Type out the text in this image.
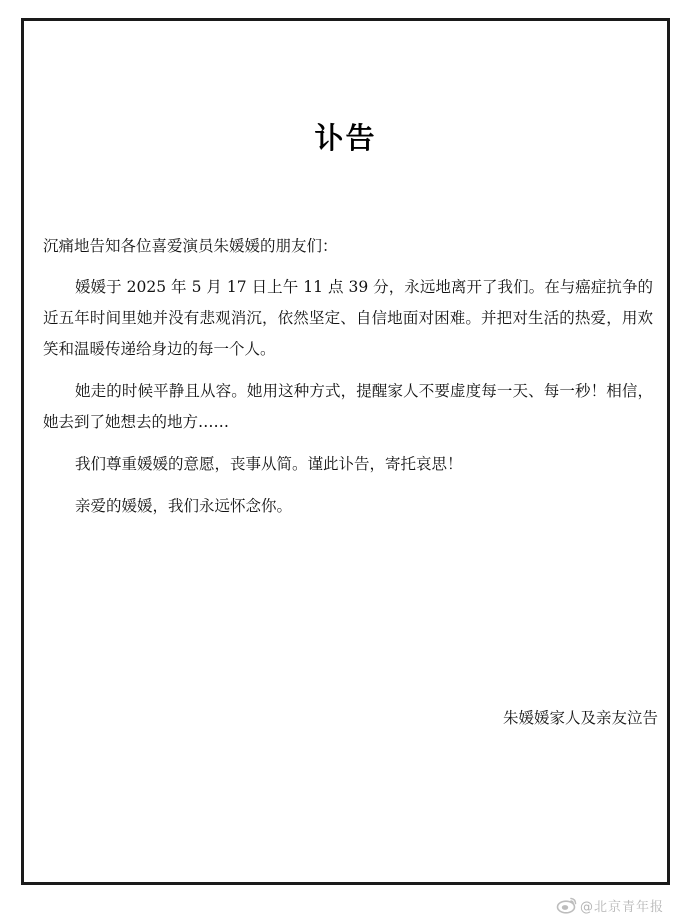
讣告

沉痛地告知各位喜爱演员朱媛媛的朋友们：

媛媛于 2025 年 5 月 17 日上午 11 点 39 分，永远地离开了我们。在与癌症抗争的近五年时间里她并没有悲观消沉，依然坚定、自信地面对困难。并把对生活的热爱，用欢笑和温暖传递给身边的每一个人。

她走的时候平静且从容。她用这种方式，提醒家人不要虚度每一天、每一秒！相信，她去到了她想去的地方……

我们尊重媛媛的意愿，丧事从简。谨此讣告，寄托哀思！

亲爱的媛媛，我们永远怀念你。

朱媛媛家人及亲友泣告
@北京青年报
